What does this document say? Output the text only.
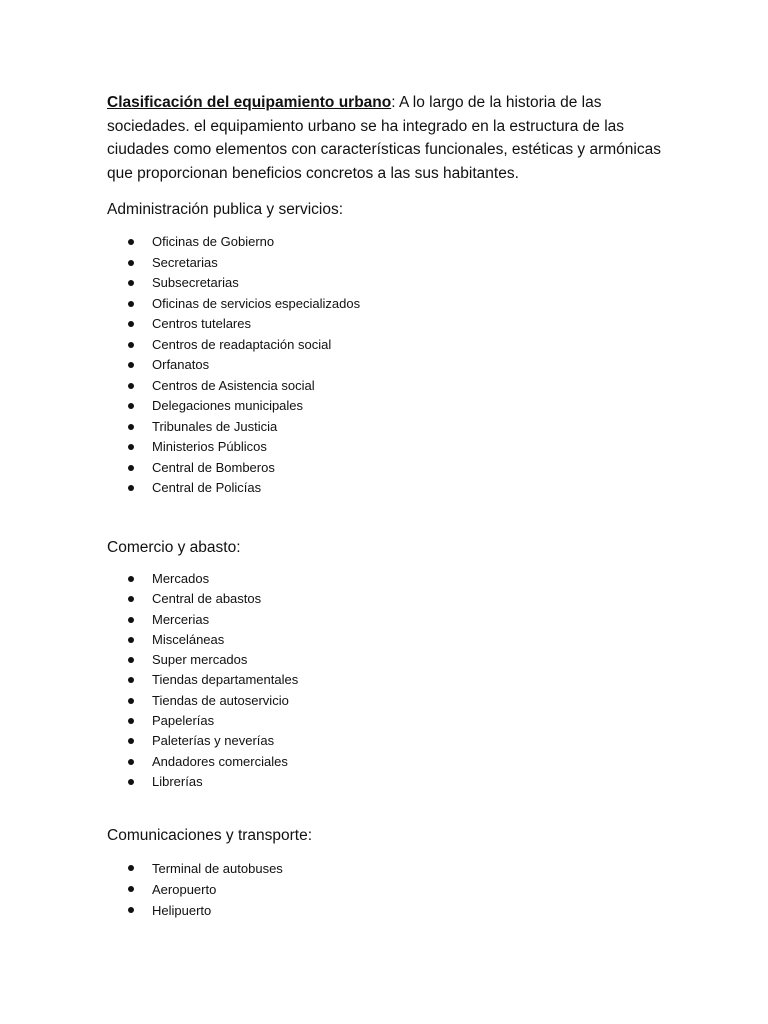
Clasificación del equipamiento urbano: A lo largo de la historia de las sociedades. el equipamiento urbano se ha integrado en la estructura de las ciudades como elementos con características funcionales, estéticas y armónicas que proporcionan beneficios concretos a las sus habitantes.

Administración publica y servicios:
Oficinas de Gobierno
Secretarias
Subsecretarias
Oficinas de servicios especializados
Centros tutelares
Centros de readaptación social
Orfanatos
Centros de Asistencia social
Delegaciones municipales
Tribunales de Justicia
Ministerios Públicos
Central de Bomberos
Central de Policías
Comercio y abasto:
Mercados
Central de abastos
Mercerias
Misceláneas
Super mercados
Tiendas departamentales
Tiendas de autoservicio
Papelerías
Paleterías y neverías
Andadores comerciales
Librerías
Comunicaciones y transporte:
Terminal de autobuses
Aeropuerto
Helipuerto
